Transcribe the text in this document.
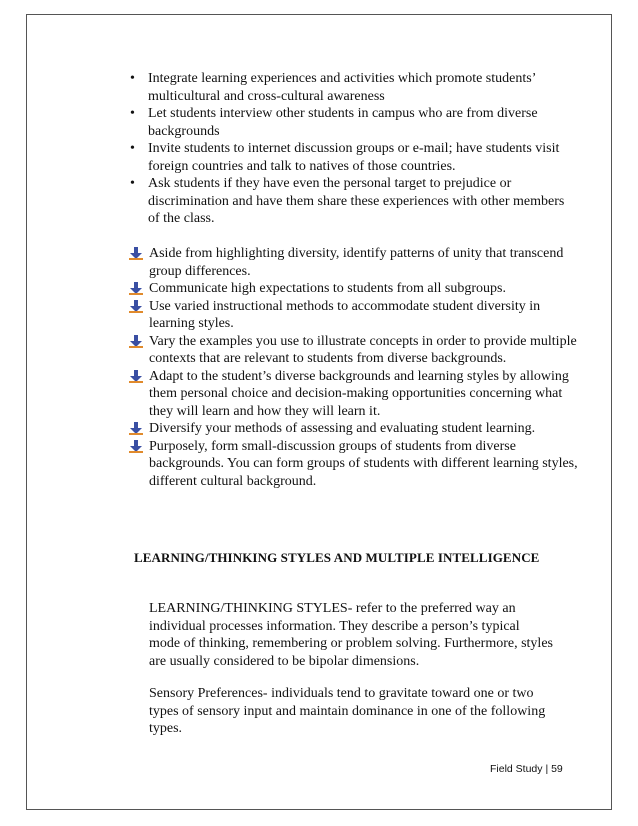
• Integrate learning experiences and activities which promote students’ multicultural and cross-cultural awareness
• Let students interview other students in campus who are from diverse backgrounds
• Invite students to internet discussion groups or e-mail; have students visit foreign countries and talk to natives of those countries.
• Ask students if they have even the personal target to prejudice or discrimination and have them share these experiences with other members of the class.
Aside from highlighting diversity, identify patterns of unity that transcend group differences.
Communicate high expectations to students from all subgroups.
Use varied instructional methods to accommodate student diversity in learning styles.
Vary the examples you use to illustrate concepts in order to provide multiple contexts that are relevant to students from diverse backgrounds.
Adapt to the student’s diverse backgrounds and learning styles by allowing them personal choice and decision-making opportunities concerning what they will learn and how they will learn it.
Diversify your methods of assessing and evaluating student learning.
Purposely, form small-discussion groups of students from diverse backgrounds. You can form groups of students with different learning styles, different cultural background.
LEARNING/THINKING STYLES AND MULTIPLE INTELLIGENCE

LEARNING/THINKING STYLES- refer to the preferred way an individual processes information. They describe a person’s typical mode of thinking, remembering or problem solving. Furthermore, styles are usually considered to be bipolar dimensions.

Sensory Preferences- individuals tend to gravitate toward one or two types of sensory input and maintain dominance in one of the following types.

Field Study | 59
